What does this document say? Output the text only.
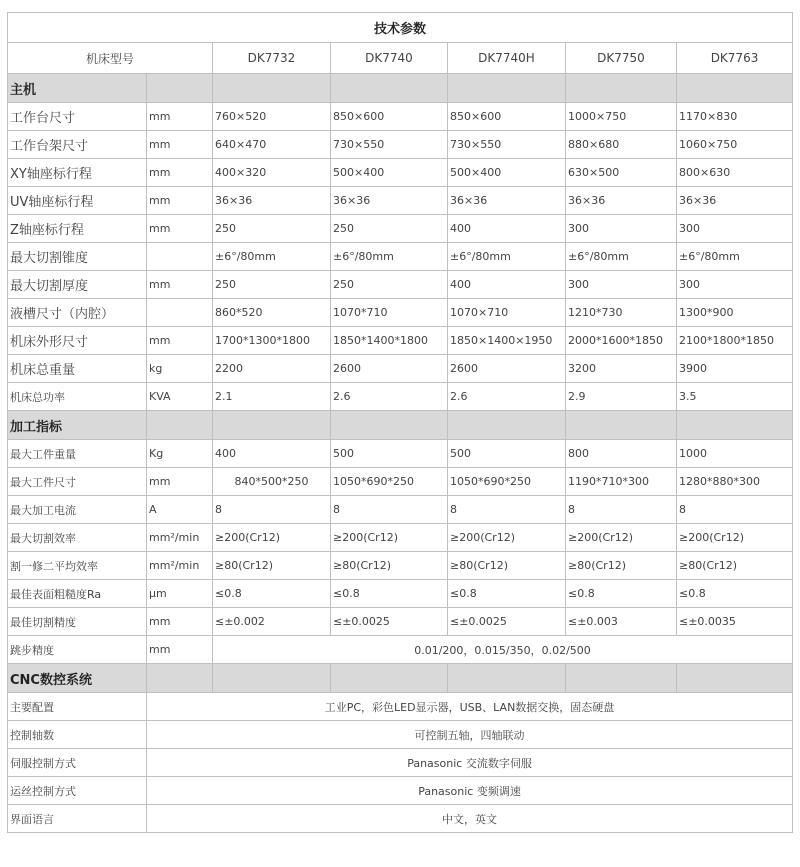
技术参数						
机床型号		DK7732	DK7740	DK7740H	DK7750	DK7763
主机						
工作台尺寸	mm	760×520	850×600	850×600	1000×750	1170×830
工作台架尺寸	mm	640×470	730×550	730×550	880×680	1060×750
XY轴座标行程	mm	400×320	500×400	500×400	630×500	800×630
UV轴座标行程	mm	36×36	36×36	36×36	36×36	36×36
Z轴座标行程	mm	250	250	400	300	300
最大切割锥度		±6°/80mm	±6°/80mm	±6°/80mm	±6°/80mm	±6°/80mm
最大切割厚度	mm	250	250	400	300	300
液槽尺寸（内腔）		860*520	1070*710	1070×710	1210*730	1300*900
机床外形尺寸	mm	1700*1300*1800	1850*1400*1800	1850×1400×1950	2000*1600*1850	2100*1800*1850
机床总重量	kg	2200	2600	2600	3200	3900
机床总功率	KVA	2.1	2.6	2.6	2.9	3.5
加工指标						
最大工件重量	Kg	400	500	500	800	1000
最大工件尺寸	mm	840*500*250	1050*690*250	1050*690*250	1190*710*300	1280*880*300
最大加工电流	A	8	8	8	8	8
最大切割效率	mm²/min	≥200(Cr12)	≥200(Cr12)	≥200(Cr12)	≥200(Cr12)	≥200(Cr12)
割一修二平均效率	mm²/min	≥80(Cr12)	≥80(Cr12)	≥80(Cr12)	≥80(Cr12)	≥80(Cr12)
最佳表面粗糙度Ra	μm	≤0.8	≤0.8	≤0.8	≤0.8	≤0.8
最佳切割精度	mm	≤±0.002	≤±0.0025	≤±0.0025	≤±0.003	≤±0.0035
跳步精度	mm	0.01/200，0.015/350，0.02/500				
CNC数控系统						
主要配置	工业PC，彩色LED显示器，USB、LAN数据交换，固态硬盘					
控制轴数	可控制五轴，四轴联动					
伺服控制方式	Panasonic 交流数字伺服					
运丝控制方式	Panasonic 变频调速					
界面语言	中文，英文					
